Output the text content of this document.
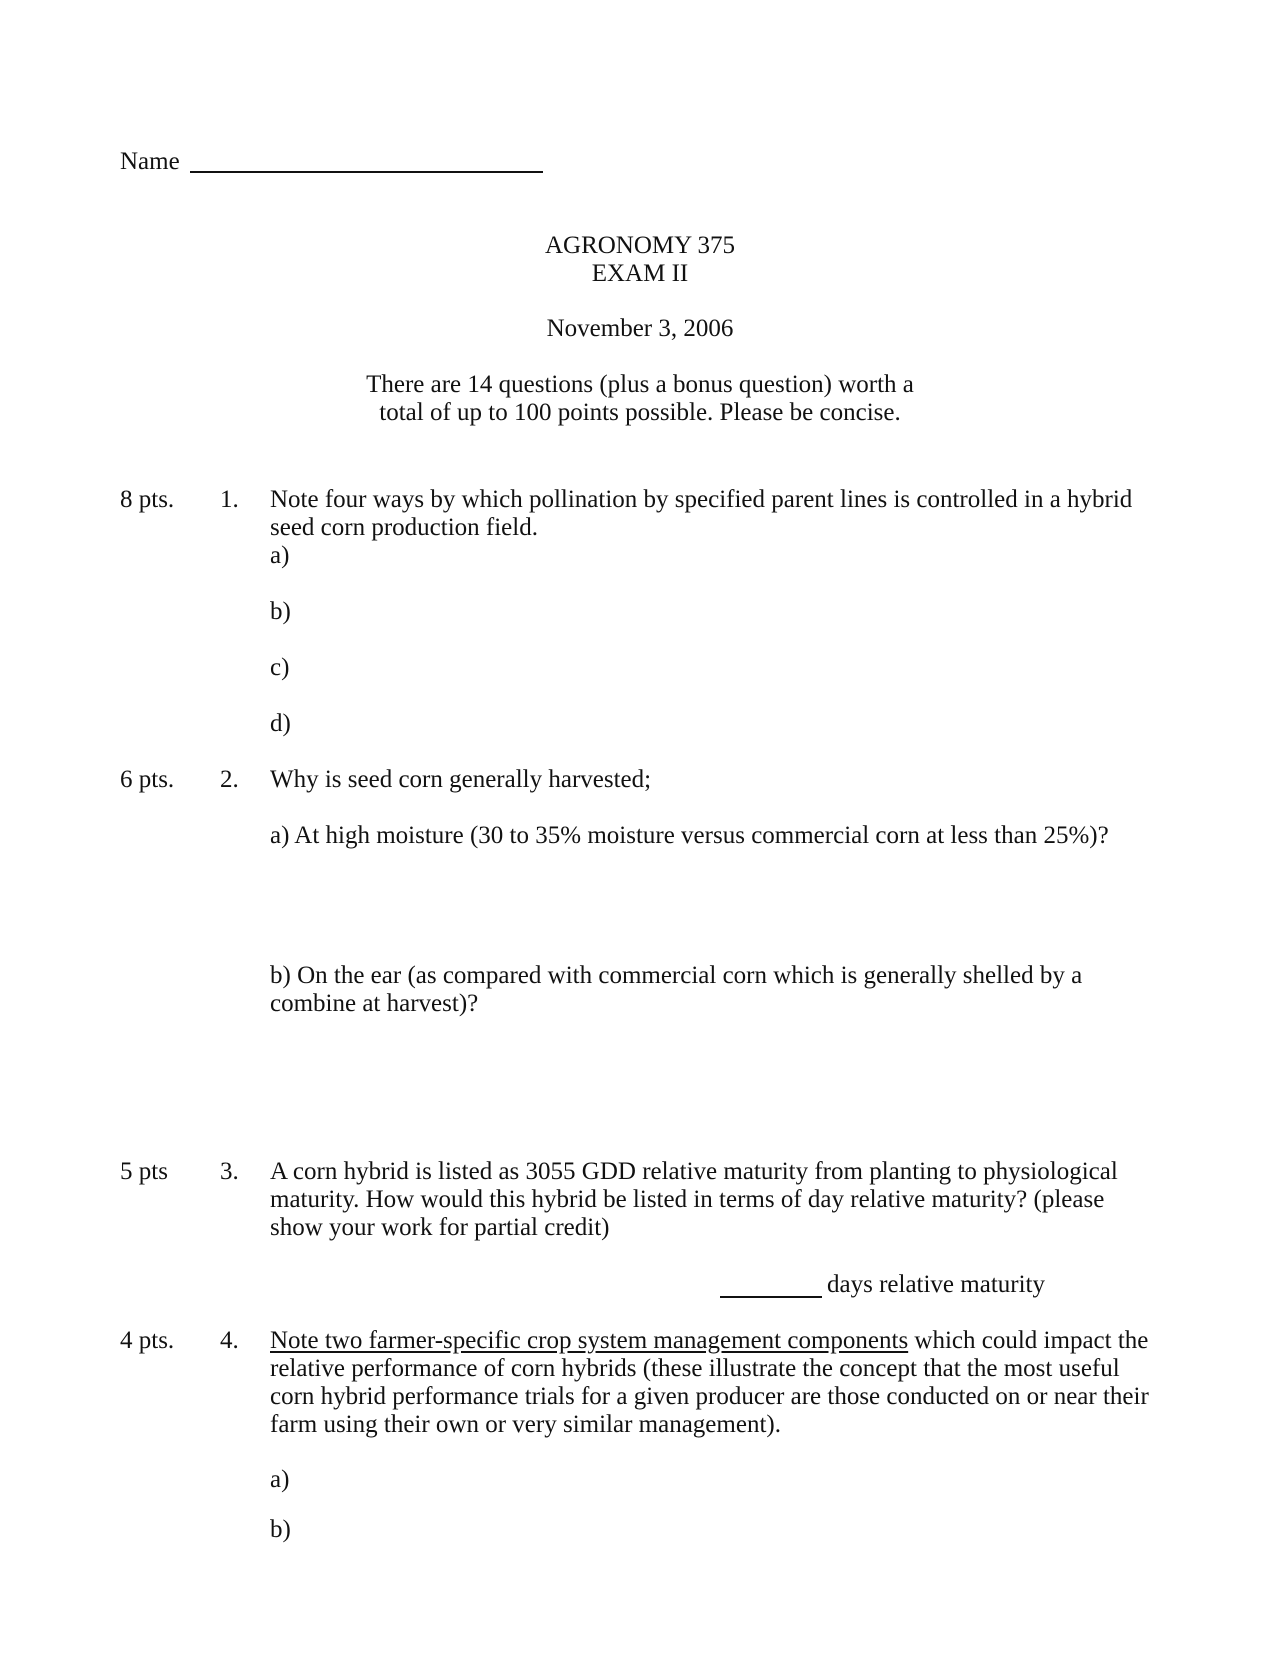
Name
AGRONOMY 375
EXAM II
November 3, 2006
There are 14 questions (plus a bonus question) worth a
total of up to 100 points possible. Please be concise.
8 pts. 1. Note four ways by which pollination by specified parent lines is controlled in a hybrid seed corn production field.
a)
b)
c)
d)
6 pts. 2. Why is seed corn generally harvested;
a) At high moisture (30 to 35% moisture versus commercial corn at less than 25%)?
b) On the ear (as compared with commercial corn which is generally shelled by a combine at harvest)?
5 pts 3. A corn hybrid is listed as 3055 GDD relative maturity from planting to physiological maturity. How would this hybrid be listed in terms of day relative maturity? (please show your work for partial credit)
days relative maturity
4 pts. 4. Note two farmer-specific crop system management components which could impact the relative performance of corn hybrids (these illustrate the concept that the most useful corn hybrid performance trials for a given producer are those conducted on or near their farm using their own or very similar management).
a)
b)
